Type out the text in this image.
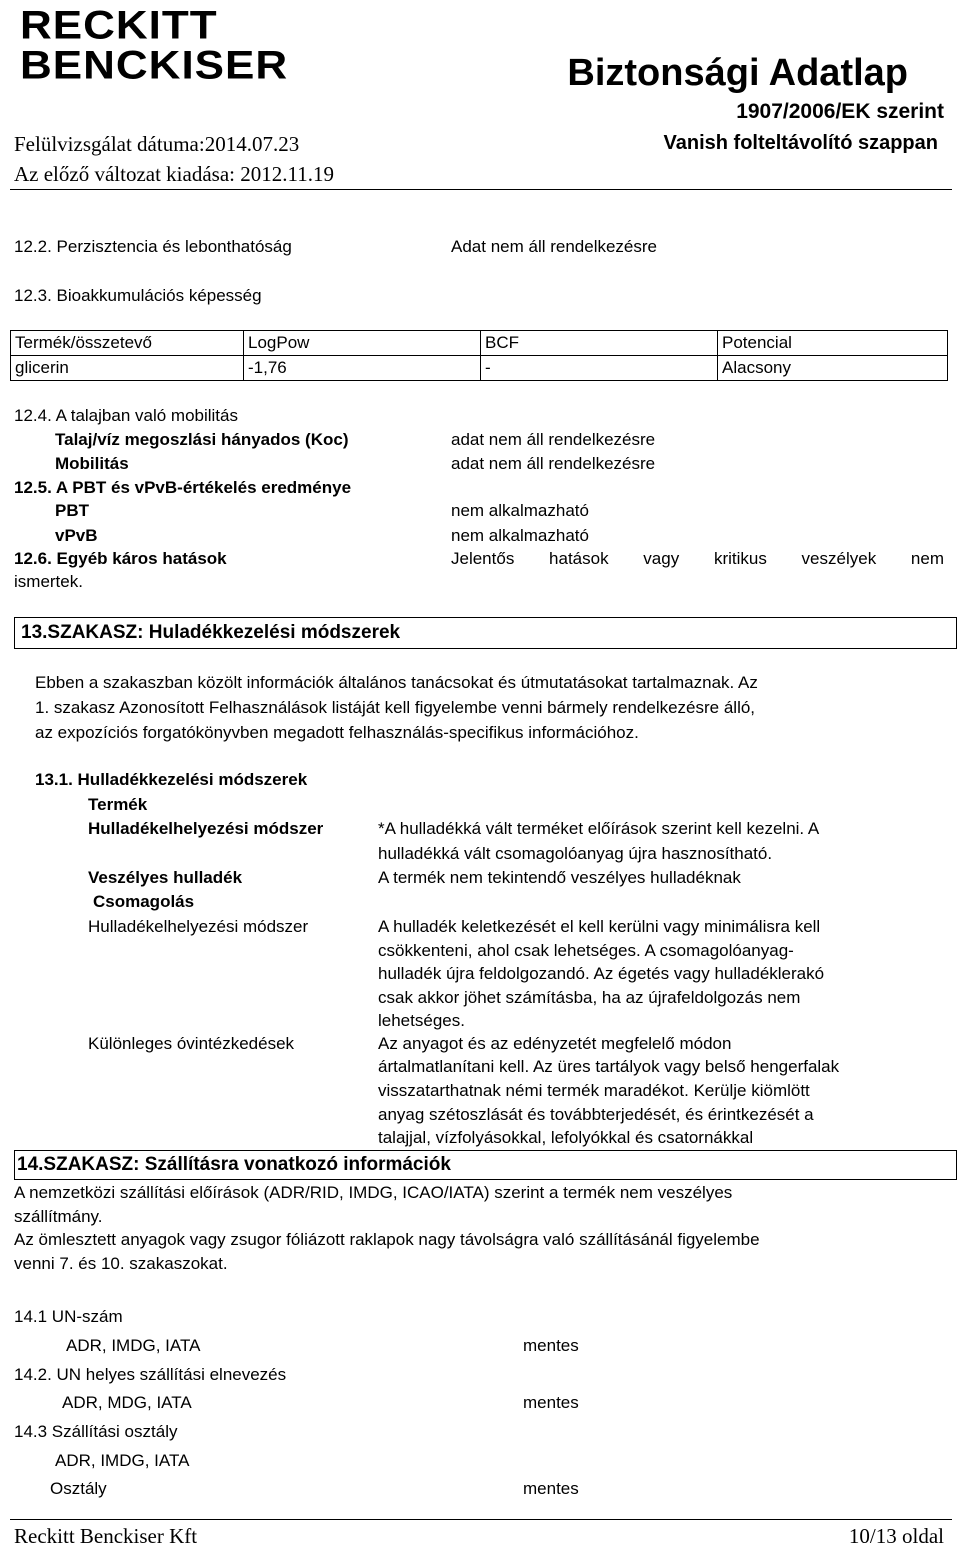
RECKITT
BENCKISER	Biztonsági Adatlap
1907/2006/EK szerint
Vanish folteltávolító szappan
Felülvizsgálat dátuma:2014.07.23
Az előző változat kiadása: 2012.11.19
12.2. Perzisztencia és lebonthatóság	Adat nem áll rendelkezésre
12.3. Bioakkumulációs képesség
Termék/összetevő	LogPow	BCF	Potencial
glicerin	-1,76	-	Alacsony
12.4. A talajban való mobilitás
Talaj/víz megoszlási hányados (Koc)	adat nem áll rendelkezésre
Mobilitás	adat nem áll rendelkezésre
12.5. A PBT és vPvB-értékelés eredménye
PBT	nem alkalmazható
vPvB	nem alkalmazható
12.6. Egyéb káros hatások	Jelentős hatások vagy kritikus veszélyek nem
ismertek.
13.SZAKASZ: Huladékkezelési módszerek
Ebben a szakaszban közölt információk általános tanácsokat és útmutatásokat tartalmaznak. Az
1. szakasz Azonosított Felhasználások listáját kell figyelembe venni bármely rendelkezésre álló,
az expozíciós forgatókönyvben megadott felhasználás-specifikus információhoz.
13.1. Hulladékkezelési módszerek
Termék
Hulladékelhelyezési módszer	*A hulladékká vált terméket előírások szerint kell kezelni. A
hulladékká vált csomagolóanyag újra hasznosítható.
Veszélyes hulladék	A termék nem tekintendő veszélyes hulladéknak
Csomagolás
Hulladékelhelyezési módszer	A hulladék keletkezését el kell kerülni vagy minimálisra kell
csökkenteni, ahol csak lehetséges. A csomagolóanyag-
hulladék újra feldolgozandó. Az égetés vagy hulladéklerakó
csak akkor jöhet számításba, ha az újrafeldolgozás nem
lehetséges.
Különleges óvintézkedések	Az anyagot és az edényzetét megfelelő módon
ártalmatlanítani kell. Az üres tartályok vagy belső hengerfalak
visszatarthatnak némi termék maradékot. Kerülje kiömlött
anyag szétoszlását és továbbterjedését, és érintkezését a
talajjal, vízfolyásokkal, lefolyókkal és csatornákkal
14.SZAKASZ: Szállításra vonatkozó információk
A nemzetközi szállítási előírások (ADR/RID, IMDG, ICAO/IATA) szerint a termék nem veszélyes
szállítmány.
Az ömlesztett anyagok vagy zsugor fóliázott raklapok nagy távolságra való szállításánál figyelembe
venni 7. és 10. szakaszokat.
14.1 UN-szám
ADR, IMDG, IATA	mentes
14.2. UN helyes szállítási elnevezés
ADR, MDG, IATA	mentes
14.3 Szállítási osztály
ADR, IMDG, IATA
Osztály	mentes
Reckitt Benckiser Kft	10/13 oldal
